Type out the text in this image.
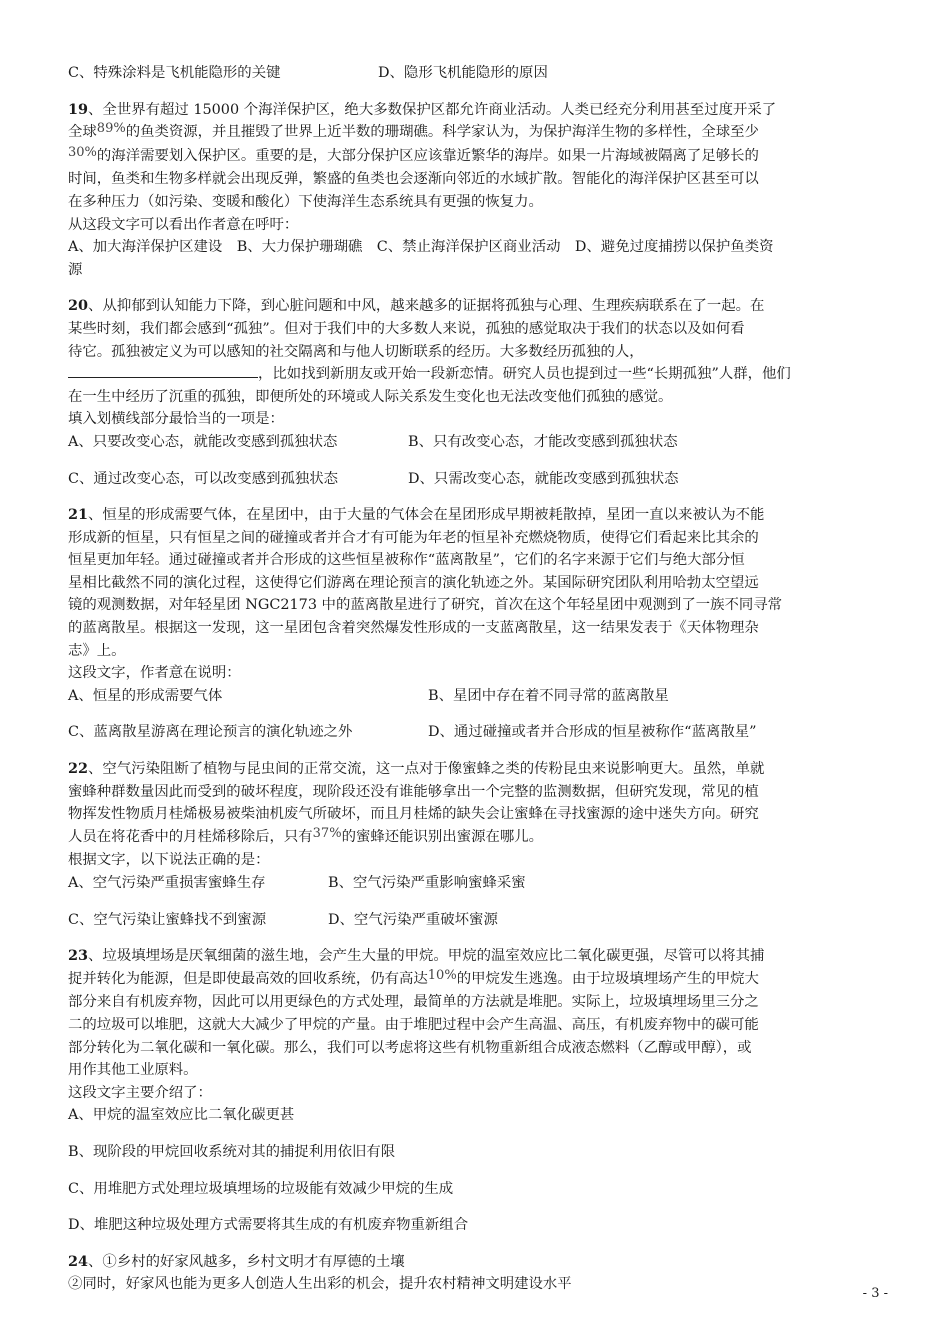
C、特殊涂料是飞机能隐形的关键	D、隐形飞机能隐形的原因
19、全世界有超过 15000 个海洋保护区，绝大多数保护区都允许商业活动。人类已经充分利用甚至过度开采了
全球89%的鱼类资源，并且摧毁了世界上近半数的珊瑚礁。科学家认为，为保护海洋生物的多样性，全球至少
30%的海洋需要划入保护区。重要的是，大部分保护区应该靠近繁华的海岸。如果一片海域被隔离了足够长的
时间，鱼类和生物多样就会出现反弹，繁盛的鱼类也会逐渐向邻近的水域扩散。智能化的海洋保护区甚至可以
在多种压力（如污染、变暖和酸化）下使海洋生态系统具有更强的恢复力。
从这段文字可以看出作者意在呼吁：
A、加大海洋保护区建设　B、大力保护珊瑚礁　C、禁止海洋保护区商业活动　D、避免过度捕捞以保护鱼类资
源
20、从抑郁到认知能力下降，到心脏问题和中风，越来越多的证据将孤独与心理、生理疾病联系在了一起。在
某些时刻，我们都会感到“孤独”。但对于我们中的大多数人来说，孤独的感觉取决于我们的状态以及如何看
待它。孤独被定义为可以感知的社交隔离和与他人切断联系的经历。大多数经历孤独的人，
，比如找到新朋友或开始一段新恋情。研究人员也提到过一些“长期孤独”人群，他们
在一生中经历了沉重的孤独，即便所处的环境或人际关系发生变化也无法改变他们孤独的感觉。
填入划横线部分最恰当的一项是：
A、只要改变心态，就能改变感到孤独状态	B、只有改变心态，才能改变感到孤独状态
C、通过改变心态，可以改变感到孤独状态	D、只需改变心态，就能改变感到孤独状态
21、恒星的形成需要气体，在星团中，由于大量的气体会在星团形成早期被耗散掉，星团一直以来被认为不能
形成新的恒星，只有恒星之间的碰撞或者并合才有可能为年老的恒星补充燃烧物质，使得它们看起来比其余的
恒星更加年轻。通过碰撞或者并合形成的这些恒星被称作“蓝离散星”，它们的名字来源于它们与绝大部分恒
星相比截然不同的演化过程，这使得它们游离在理论预言的演化轨迹之外。某国际研究团队利用哈勃太空望远
镜的观测数据，对年轻星团 NGC2173 中的蓝离散星进行了研究，首次在这个年轻星团中观测到了一族不同寻常
的蓝离散星。根据这一发现，这一星团包含着突然爆发性形成的一支蓝离散星，这一结果发表于《天体物理杂
志》上。
这段文字，作者意在说明：
A、恒星的形成需要气体	B、星团中存在着不同寻常的蓝离散星
C、蓝离散星游离在理论预言的演化轨迹之外	D、通过碰撞或者并合形成的恒星被称作“蓝离散星”
22、空气污染阻断了植物与昆虫间的正常交流，这一点对于像蜜蜂之类的传粉昆虫来说影响更大。虽然，单就
蜜蜂种群数量因此而受到的破坏程度，现阶段还没有谁能够拿出一个完整的监测数据，但研究发现，常见的植
物挥发性物质月桂烯极易被柴油机废气所破坏，而且月桂烯的缺失会让蜜蜂在寻找蜜源的途中迷失方向。研究
人员在将花香中的月桂烯移除后，只有37%的蜜蜂还能识别出蜜源在哪儿。
根据文字，以下说法正确的是：
A、空气污染严重损害蜜蜂生存	B、空气污染严重影响蜜蜂采蜜
C、空气污染让蜜蜂找不到蜜源	D、空气污染严重破坏蜜源
23、垃圾填埋场是厌氧细菌的滋生地，会产生大量的甲烷。甲烷的温室效应比二氧化碳更强，尽管可以将其捕
捉并转化为能源，但是即使最高效的回收系统，仍有高达10%的甲烷发生逃逸。由于垃圾填埋场产生的甲烷大
部分来自有机废弃物，因此可以用更绿色的方式处理，最简单的方法就是堆肥。实际上，垃圾填埋场里三分之
二的垃圾可以堆肥，这就大大减少了甲烷的产量。由于堆肥过程中会产生高温、高压，有机废弃物中的碳可能
部分转化为二氧化碳和一氧化碳。那么，我们可以考虑将这些有机物重新组合成液态燃料（乙醇或甲醇），或
用作其他工业原料。
这段文字主要介绍了：
A、甲烷的温室效应比二氧化碳更甚
B、现阶段的甲烷回收系统对其的捕捉利用依旧有限
C、用堆肥方式处理垃圾填埋场的垃圾能有效减少甲烷的生成
D、堆肥这种垃圾处理方式需要将其生成的有机废弃物重新组合
24、①乡村的好家风越多，乡村文明才有厚德的土壤
②同时，好家风也能为更多人创造人生出彩的机会，提升农村精神文明建设水平
- 3 -
